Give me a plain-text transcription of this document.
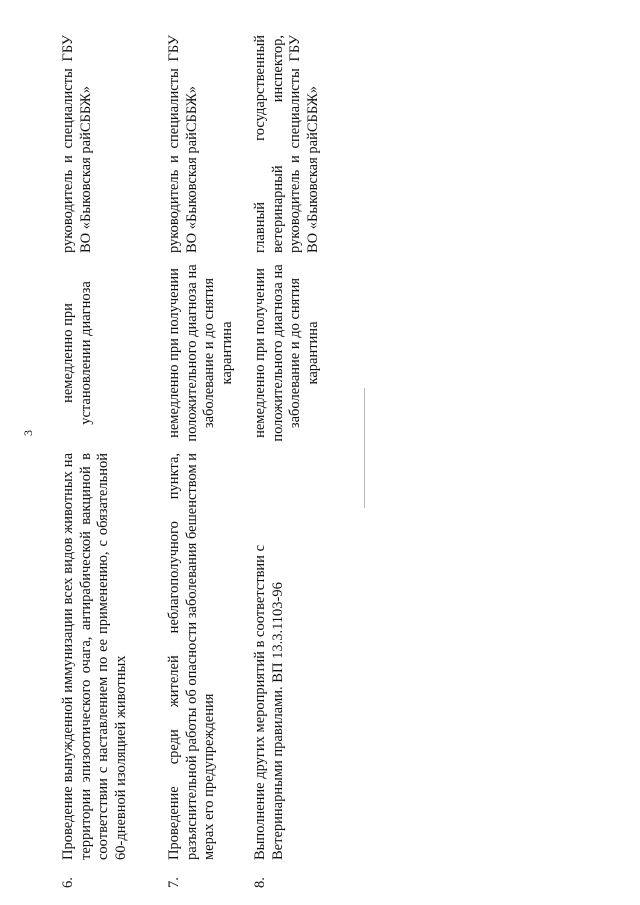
3
6.
Проведение вынужденной иммунизации всех видов животных на территории эпизоотического очага, антирабической вакциной в соответствии с наставлением по ее применению, с обязательной 60-дневной изоляцией животных
немедленно при установлении диагноза
руководитель и специалисты ГБУ ВО «Быковская райСББЖ»
7.
Проведение среди жителей неблагополучного пункта, разъяснительной работы об опасности заболевания бешенством и мерах его предупреждения
немедленно при получении положительного диагноза на заболевание и до снятия карантина
руководитель и специалисты ГБУ ВО «Быковская райСББЖ»
8.
Выполнение других мероприятий в соответствии с Ветеринарными правилами. ВП 13.3.1103-96
немедленно при получении положительного диагноза на заболевание и до снятия карантина
главный государственный ветеринарный инспектор, руководитель и специалисты ГБУ ВО «Быковская райСББЖ»
